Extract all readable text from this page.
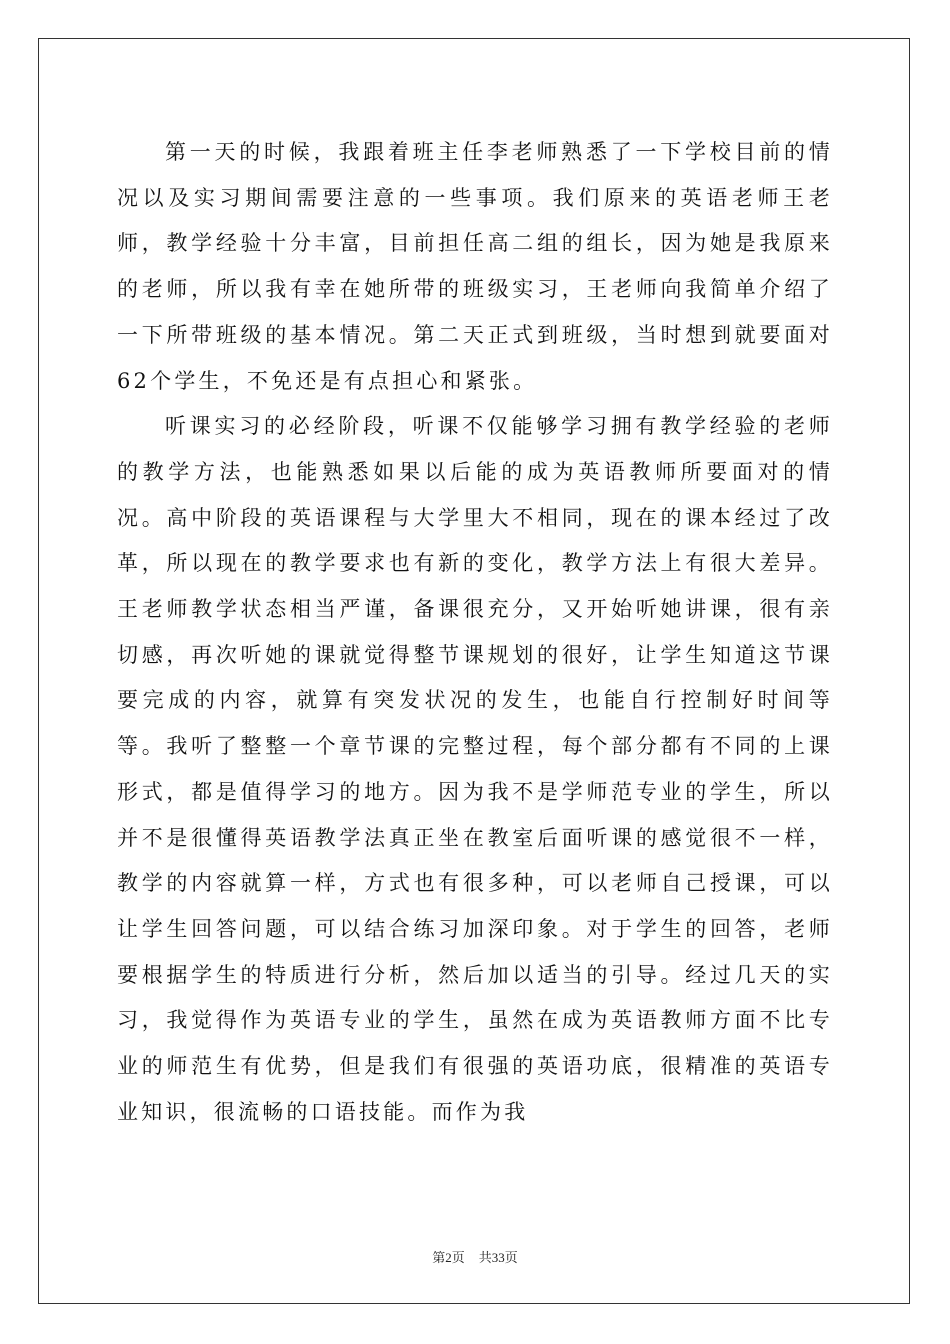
第一天的时候，我跟着班主任李老师熟悉了一下学校目前的情况以及实习期间需要注意的一些事项。我们原来的英语老师王老师，教学经验十分丰富，目前担任高二组的组长，因为她是我原来的老师，所以我有幸在她所带的班级实习，王老师向我简单介绍了一下所带班级的基本情况。第二天正式到班级，当时想到就要面对 62个学生，不免还是有点担心和紧张。

听课实习的必经阶段，听课不仅能够学习拥有教学经验的老师的教学方法，也能熟悉如果以后能的成为英语教师所要面对的情况。高中阶段的英语课程与大学里大不相同，现在的课本经过了改革，所以现在的教学要求也有新的变化，教学方法上有很大差异。王老师教学状态相当严谨，备课很充分，又开始听她讲课，很有亲切感，再次听她的课就觉得整节课规划的很好，让学生知道这节课要完成的内容，就算有突发状况的发生，也能自行控制好时间等等。我听了整整一个章节课的完整过程，每个部分都有不同的上课形式，都是值得学习的地方。因为我不是学师范专业的学生，所以并不是很懂得英语教学法真正坐在教室后面听课的感觉很不一样，教学的内容就算一样，方式也有很多种，可以老师自己授课，可以让学生回答问题，可以结合练习加深印象。对于学生的回答，老师要根据学生的特质进行分析，然后加以适当的引导。经过几天的实习，我觉得作为英语专业的学生，虽然在成为英语教师方面不比专业的师范生有优势，但是我们有很强的英语功底，很精准的英语专业知识，很流畅的口语技能。而作为我

第2页 共33页
